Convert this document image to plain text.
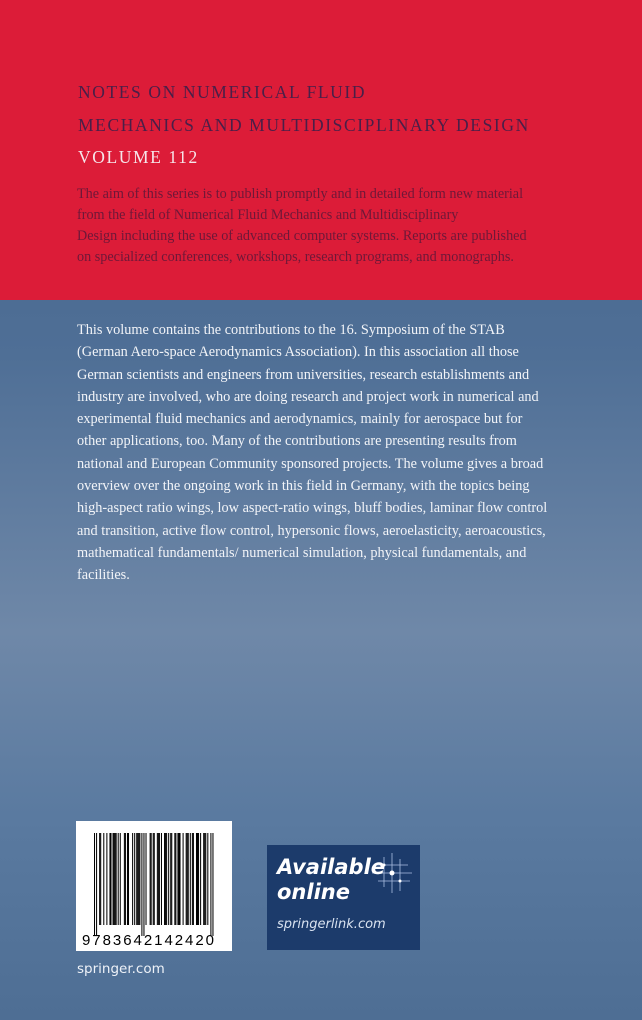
NOTES ON NUMERICAL FLUID
MECHANICS AND MULTIDISCIPLINARY DESIGN
VOLUME 112
The aim of this series is to publish promptly and in detailed form new material
from the field of Numerical Fluid Mechanics and Multidisciplinary
Design including the use of advanced computer systems. Reports are published
on specialized conferences, workshops, research programs, and monographs.
This volume contains the contributions to the 16. Symposium of the STAB
(German Aero-space Aerodynamics Association). In this association all those
German scientists and engineers from universities, research establishments and
industry are involved, who are doing research and project work in numerical and
experimental fluid mechanics and aerodynamics, mainly for aerospace but for
other applications, too. Many of the contributions are presenting results from
national and European Community sponsored projects. The volume gives a broad
overview over the ongoing work in this field in Germany, with the topics being
high-aspect ratio wings, low aspect-ratio wings, bluff bodies, laminar flow control
and transition, active flow control, hypersonic flows, aeroelasticity, aeroacoustics,
mathematical fundamentals/ numerical simulation, physical fundamentals, and
facilities.
9783642142420
Available
online
springerlink.com
springer.com
